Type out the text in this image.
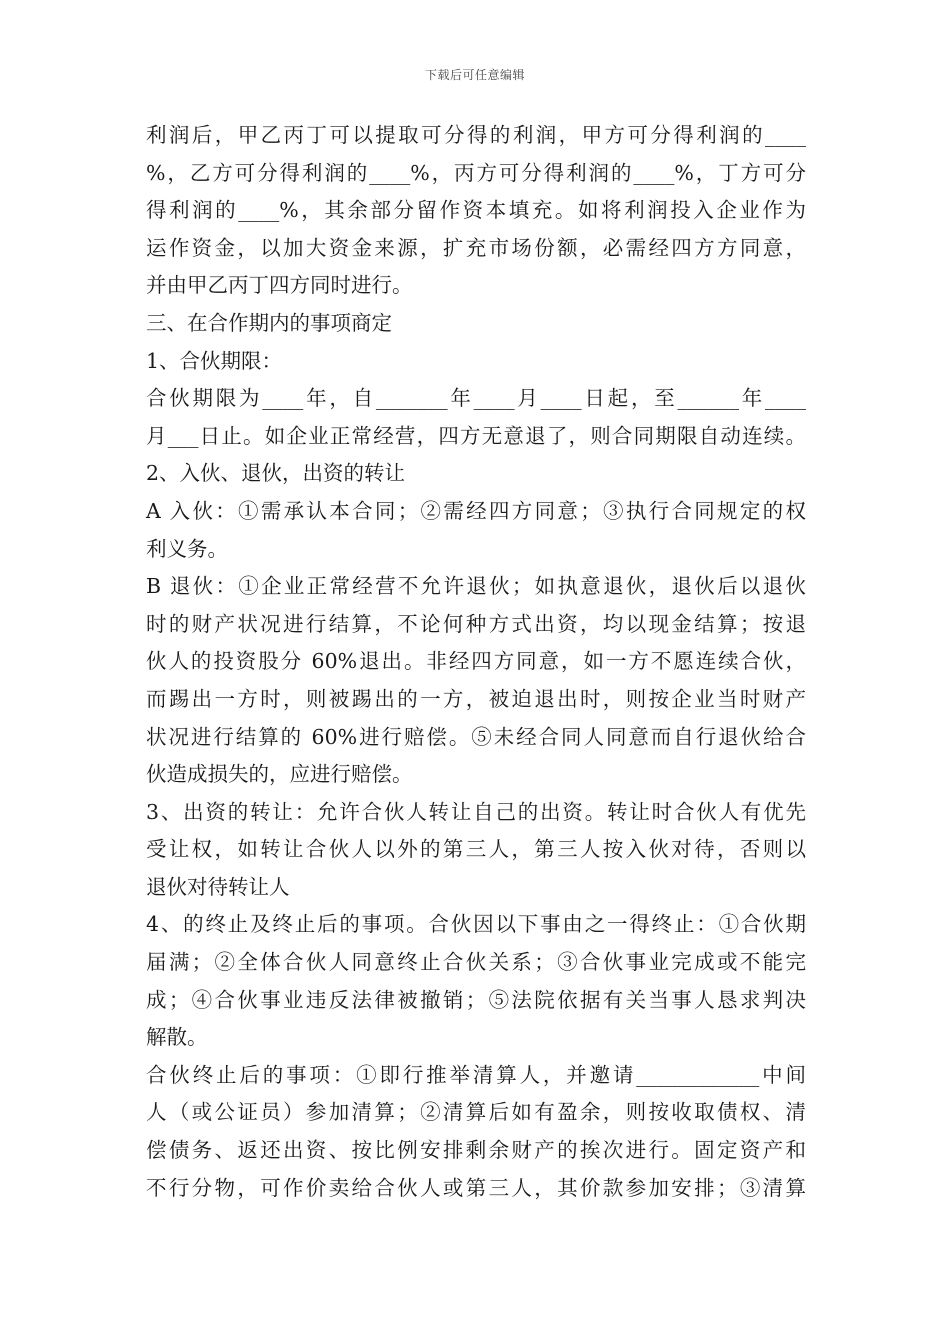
下载后可任意编辑
利润后，甲乙丙丁可以提取可分得的利润，甲方可分得利润的____
%，乙方可分得利润的____%，丙方可分得利润的____%，丁方可分
得利润的____%，其余部分留作资本填充。如将利润投入企业作为
运作资金，以加大资金来源，扩充市场份额，必需经四方方同意，
并由甲乙丙丁四方同时进行。
三、在合作期内的事项商定
1、合伙期限：
合伙期限为____年，自_______年____月____日起，至______年____
月___日止。如企业正常经营，四方无意退了，则合同期限自动连续。
2、入伙、退伙，出资的转让
A 入伙：①需承认本合同；②需经四方同意；③执行合同规定的权
利义务。
B 退伙：①企业正常经营不允许退伙；如执意退伙，退伙后以退伙
时的财产状况进行结算，不论何种方式出资，均以现金结算；按退
伙人的投资股分 60%退出。非经四方同意，如一方不愿连续合伙，
而踢出一方时，则被踢出的一方，被迫退出时，则按企业当时财产
状况进行结算的 60%进行赔偿。⑤未经合同人同意而自行退伙给合
伙造成损失的，应进行赔偿。
3、出资的转让：允许合伙人转让自己的出资。转让时合伙人有优先
受让权，如转让合伙人以外的第三人，第三人按入伙对待，否则以
退伙对待转让人
4、的终止及终止后的事项。合伙因以下事由之一得终止：①合伙期
届满；②全体合伙人同意终止合伙关系；③合伙事业完成或不能完
成；④合伙事业违反法律被撤销；⑤法院依据有关当事人恳求判决
解散。
合伙终止后的事项：①即行推举清算人，并邀请____________中间
人（或公证员）参加清算；②清算后如有盈余，则按收取债权、清
偿债务、返还出资、按比例安排剩余财产的挨次进行。固定资产和
不行分物，可作价卖给合伙人或第三人，其价款参加安排；③清算
